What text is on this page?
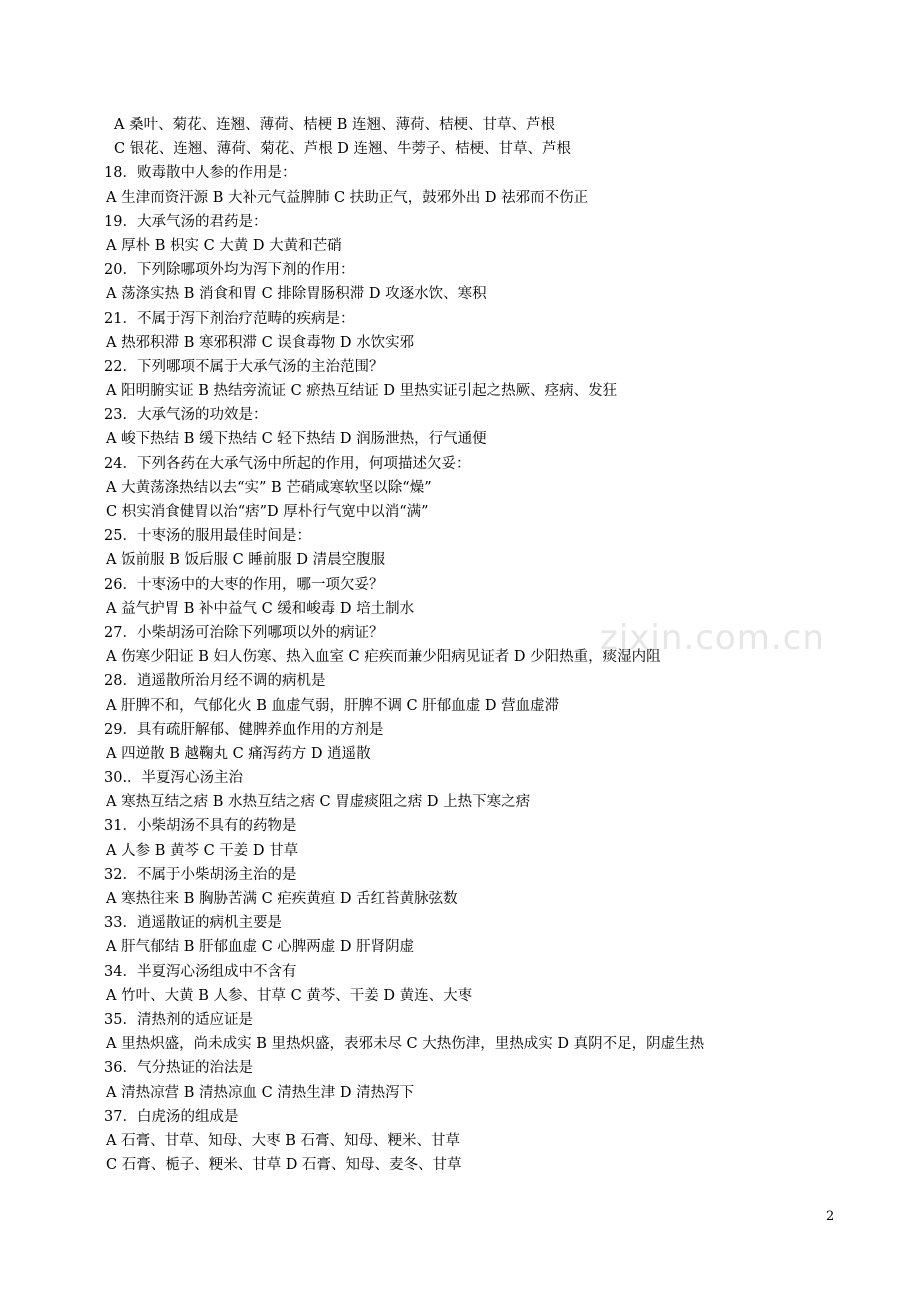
A 桑叶、菊花、连翘、薄荷、桔梗 B 连翘、薄荷、桔梗、甘草、芦根
C 银花、连翘、薄荷、菊花、芦根 D 连翘、牛蒡子、桔梗、甘草、芦根
18．败毒散中人参的作用是：
A 生津而资汗源 B 大补元气益脾肺 C 扶助正气，鼓邪外出 D 祛邪而不伤正
19．大承气汤的君药是：
A 厚朴 B 枳实 C 大黄 D 大黄和芒硝
20．下列除哪项外均为泻下剂的作用：
A 荡涤实热 B 消食和胃 C 排除胃肠积滞 D 攻逐水饮、寒积
21．不属于泻下剂治疗范畴的疾病是：
A 热邪积滞 B 寒邪积滞 C 误食毒物 D 水饮实邪
22．下列哪项不属于大承气汤的主治范围？
A 阳明腑实证 B 热结旁流证 C 瘀热互结证 D 里热实证引起之热厥、痉病、发狂
23．大承气汤的功效是：
A 峻下热结 B 缓下热结 C 轻下热结 D 润肠泄热，行气通便
24．下列各药在大承气汤中所起的作用，何项描述欠妥：
A 大黄荡涤热结以去“实” B 芒硝咸寒软坚以除“燥”
C 枳实消食健胃以治“痞”D 厚朴行气宽中以消“满”
25．十枣汤的服用最佳时间是：
A 饭前服 B 饭后服 C 睡前服 D 清晨空腹服
26．十枣汤中的大枣的作用，哪一项欠妥？
A 益气护胃 B 补中益气 C 缓和峻毒 D 培土制水
27．小柴胡汤可治除下列哪项以外的病证？
A 伤寒少阳证 B 妇人伤寒、热入血室 C 疟疾而兼少阳病见证者 D 少阳热重，痰湿内阻
28．逍遥散所治月经不调的病机是
A 肝脾不和，气郁化火 B 血虚气弱，肝脾不调 C 肝郁血虚 D 营血虚滞
29．具有疏肝解郁、健脾养血作用的方剂是
A 四逆散 B 越鞠丸 C 痛泻药方 D 逍遥散
30.．半夏泻心汤主治
A 寒热互结之痞 B 水热互结之痞 C 胃虚痰阻之痞 D 上热下寒之痞
31．小柴胡汤不具有的药物是
A 人参 B 黄芩 C 干姜 D 甘草
32．不属于小柴胡汤主治的是
A 寒热往来 B 胸胁苦满 C 疟疾黄疸 D 舌红苔黄脉弦数
33．逍遥散证的病机主要是
A 肝气郁结 B 肝郁血虚 C 心脾两虚 D 肝肾阴虚
34．半夏泻心汤组成中不含有
A 竹叶、大黄 B 人参、甘草 C 黄芩、干姜 D 黄连、大枣
35．清热剂的适应证是
A 里热炽盛，尚未成实 B 里热炽盛，表邪未尽 C 大热伤津，里热成实 D 真阴不足，阴虚生热
36．气分热证的治法是
A 清热凉营 B 清热凉血 C 清热生津 D 清热泻下
37．白虎汤的组成是
A 石膏、甘草、知母、大枣 B 石膏、知母、粳米、甘草
C 石膏、栀子、粳米、甘草 D 石膏、知母、麦冬、甘草
zixin.com.cn
2
